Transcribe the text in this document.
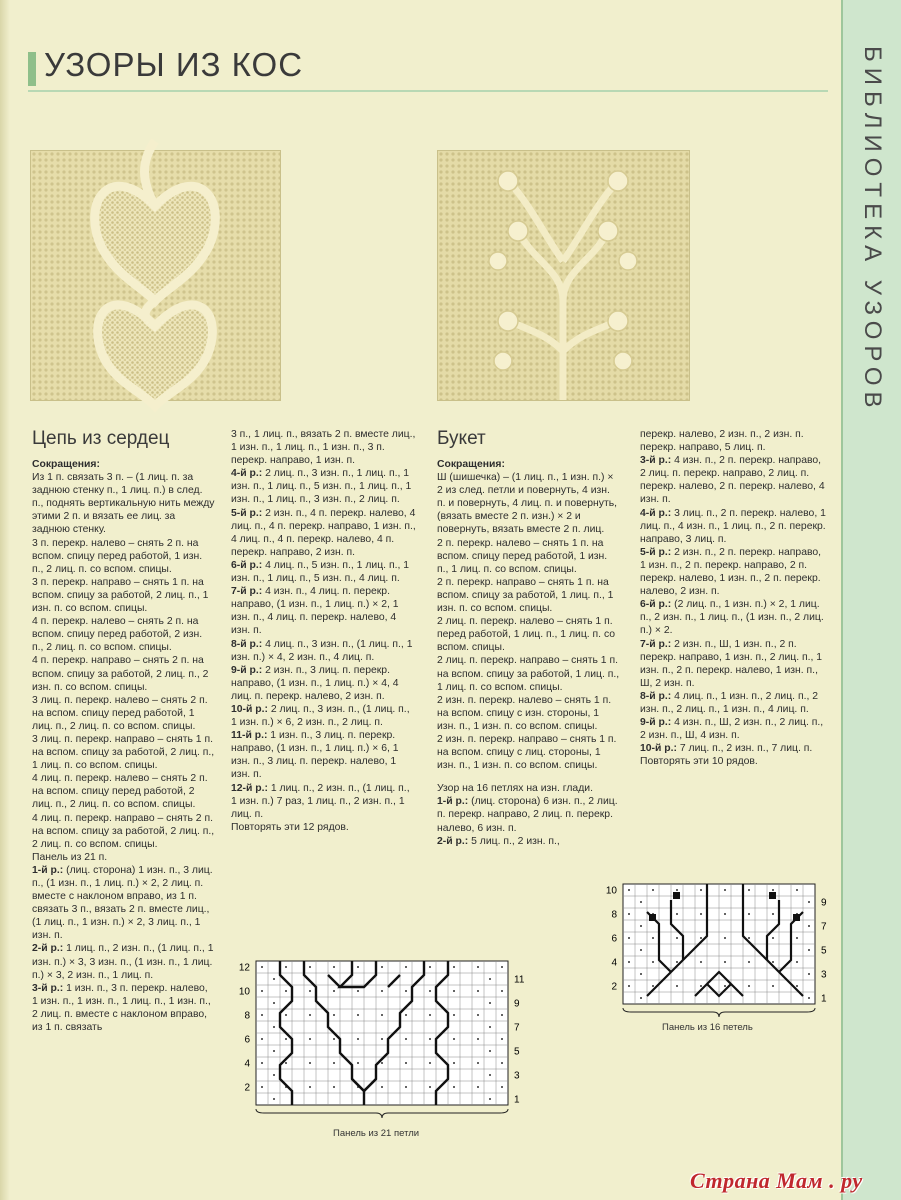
УЗОРЫ ИЗ КОС	БИБЛИОТЕКА УЗОРОВ
Цепь из сердец	Букет

Сокращения:

Из 1 п. связать 3 п. – (1 лиц. п. за заднюю стенку п., 1 лиц. п.) в след. п., поднять вертикальную нить между этими 2 п. и вязать ее лиц. за заднюю стенку.

3 п. перекр. налево – снять 2 п. на вспом. спицу перед работой, 1 изн. п., 2 лиц. п. со вспом. спицы.

3 п. перекр. направо – снять 1 п. на вспом. спицу за работой, 2 лиц. п., 1 изн. п. со вспом. спицы.

4 п. перекр. налево – снять 2 п. на вспом. спицу перед работой, 2 изн. п., 2 лиц. п. со вспом. спицы.

4 п. перекр. направо – снять 2 п. на вспом. спицу за работой, 2 лиц. п., 2 изн. п. со вспом. спицы.

3 лиц. п. перекр. налево – снять 2 п. на вспом. спицу перед работой, 1 лиц. п., 2 лиц. п. со вспом. спицы.

3 лиц. п. перекр. направо – снять 1 п. на вспом. спицу за работой, 2 лиц. п., 1 лиц. п. со вспом. спицы.

4 лиц. п. перекр. налево – снять 2 п. на вспом. спицу перед работой, 2 лиц. п., 2 лиц. п. со вспом. спицы.

4 лиц. п. перекр. направо – снять 2 п. на вспом. спицу за работой, 2 лиц. п., 2 лиц. п. со вспом. спицы.

Панель из 21 п.

1-й р.: (лиц. сторона) 1 изн. п., 3 лиц. п., (1 изн. п., 1 лиц. п.) × 2, 2 лиц. п. вместе с наклоном вправо, из 1 п. связать 3 п., вязать 2 п. вместе лиц., (1 лиц. п., 1 изн. п.) × 2, 3 лиц. п., 1 изн. п.

2-й р.: 1 лиц. п., 2 изн. п., (1 лиц. п., 1 изн. п.) × 3, 3 изн. п., (1 изн. п., 1 лиц. п.) × 3, 2 изн. п., 1 лиц. п.

3-й р.: 1 изн. п., 3 п. перекр. налево, 1 изн. п., 1 изн. п., 1 лиц. п., 1 изн. п., 2 лиц. п. вместе с наклоном вправо, из 1 п. связать

3 п., 1 лиц. п., вязать 2 п. вместе лиц., 1 изн. п., 1 лиц. п., 1 изн. п., 3 п. перекр. направо, 1 изн. п.

4-й р.: 2 лиц. п., 3 изн. п., 1 лиц. п., 1 изн. п., 1 лиц. п., 5 изн. п., 1 лиц. п., 1 изн. п., 1 лиц. п., 3 изн. п., 2 лиц. п.

5-й р.: 2 изн. п., 4 п. перекр. налево, 4 лиц. п., 4 п. перекр. направо, 1 изн. п., 4 лиц. п., 4 п. перекр. налево, 4 п. перекр. направо, 2 изн. п.

6-й р.: 4 лиц. п., 5 изн. п., 1 лиц. п., 1 изн. п., 1 лиц. п., 5 изн. п., 4 лиц. п.

7-й р.: 4 изн. п., 4 лиц. п. перекр. направо, (1 изн. п., 1 лиц. п.) × 2, 1 изн. п., 4 лиц. п. перекр. налево, 4 изн. п.

8-й р.: 4 лиц. п., 3 изн. п., (1 лиц. п., 1 изн. п.) × 4, 2 изн. п., 4 лиц. п.

9-й р.: 2 изн. п., 3 лиц. п. перекр. направо, (1 изн. п., 1 лиц. п.) × 4, 4 лиц. п. перекр. налево, 2 изн. п.

10-й р.: 2 лиц. п., 3 изн. п., (1 лиц. п., 1 изн. п.) × 6, 2 изн. п., 2 лиц. п.

11-й р.: 1 изн. п., 3 лиц. п. перекр. направо, (1 изн. п., 1 лиц. п.) × 6, 1 изн. п., 3 лиц. п. перекр. налево, 1 изн. п.

12-й р.: 1 лиц. п., 2 изн. п., (1 лиц. п., 1 изн. п.) 7 раз, 1 лиц. п., 2 изн. п., 1 лиц. п.

Повторять эти 12 рядов.

Сокращения:

Ш (шишечка) – (1 лиц. п., 1 изн. п.) × 2 из след. петли и повернуть, 4 изн. п. и повернуть, 4 лиц. п. и повернуть, (вязать вместе 2 п. изн.) × 2 и повернуть, вязать вместе 2 п. лиц.

2 п. перекр. налево – снять 1 п. на вспом. спицу перед работой, 1 изн. п., 1 лиц. п. со вспом. спицы.

2 п. перекр. направо – снять 1 п. на вспом. спицу за работой, 1 лиц. п., 1 изн. п. со вспом. спицы.

2 лиц. п. перекр. налево – снять 1 п. перед работой, 1 лиц. п., 1 лиц. п. со вспом. спицы.

2 лиц. п. перекр. направо – снять 1 п. на вспом. спицу за работой, 1 лиц. п., 1 лиц. п. со вспом. спицы.

2 изн. п. перекр. налево – снять 1 п. на вспом. спицу с изн. стороны, 1 изн. п., 1 изн. п. со вспом. спицы.

2 изн. п. перекр. направо – снять 1 п. на вспом. спицу с лиц. стороны, 1 изн. п., 1 изн. п. со вспом. спицы.

Узор на 16 петлях на изн. глади.

1-й р.: (лиц. сторона) 6 изн. п., 2 лиц. п. перекр. направо, 2 лиц. п. перекр. налево, 6 изн. п.

2-й р.: 5 лиц. п., 2 изн. п.,

перекр. налево, 2 изн. п., 2 изн. п. перекр. направо, 5 лиц. п.

3-й р.: 4 изн. п., 2 п. перекр. направо, 2 лиц. п. перекр. направо, 2 лиц. п. перекр. налево, 2 п. перекр. налево, 4 изн. п.

4-й р.: 3 лиц. п., 2 п. перекр. налево, 1 лиц. п., 4 изн. п., 1 лиц. п., 2 п. перекр. направо, 3 лиц. п.

5-й р.: 2 изн. п., 2 п. перекр. направо, 1 изн. п., 2 п. перекр. направо, 2 п. перекр. налево, 1 изн. п., 2 п. перекр. налево, 2 изн. п.

6-й р.: (2 лиц. п., 1 изн. п.) × 2, 1 лиц. п., 2 изн. п., 1 лиц. п., (1 изн. п., 2 лиц. п.) × 2.

7-й р.: 2 изн. п., Ш, 1 изн. п., 2 п. перекр. направо, 1 изн. п., 2 лиц. п., 1 изн. п., 2 п. перекр. налево, 1 изн. п., Ш, 2 изн. п.

8-й р.: 4 лиц. п., 1 изн. п., 2 лиц. п., 2 изн. п., 2 лиц. п., 1 изн. п., 4 лиц. п.

9-й р.: 4 изн. п., Ш, 2 изн. п., 2 лиц. п., 2 изн. п., Ш, 4 изн. п.

10-й р.: 7 лиц. п., 2 изн. п., 7 лиц. п.

Повторять эти 10 рядов.

12
10
8
6
4
2
11
9
7
5
3
1
Панель из 21 петли
10
8
6
4
2
9
7
5
3
1
Панель из 16 петель
Страна Мам . ру
